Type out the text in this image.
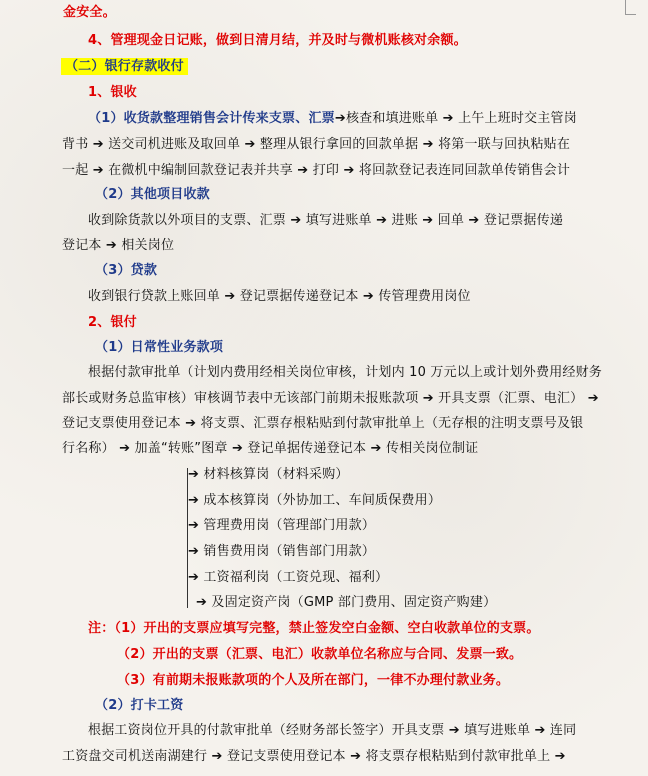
金安全。
4、管理现金日记账，做到日清月结，并及时与微机账核对余额。
（二）银行存款收付
1、银收
（1）收货款整理销售会计传来支票、汇票➔核查和填进账单 ➔ 上午上班时交主管岗
背书 ➔ 送交司机进账及取回单 ➔ 整理从银行拿回的回款单据 ➔ 将第一联与回执粘贴在
一起 ➔ 在微机中编制回款登记表并共享 ➔ 打印 ➔ 将回款登记表连同回款单传销售会计
（2）其他项目收款
收到除货款以外项目的支票、汇票 ➔ 填写进账单 ➔ 进账 ➔ 回单 ➔ 登记票据传递
登记本 ➔ 相关岗位
（3）贷款
收到银行贷款上账回单 ➔ 登记票据传递登记本 ➔ 传管理费用岗位
2、银付
（1）日常性业务款项
根据付款审批单（计划内费用经相关岗位审核，计划内 10 万元以上或计划外费用经财务
部长或财务总监审核）审核调节表中无该部门前期未报账款项 ➔ 开具支票（汇票、电汇） ➔
登记支票使用登记本 ➔ 将支票、汇票存根粘贴到付款审批单上（无存根的注明支票号及银
行名称） ➔ 加盖“转账”图章 ➔ 登记单据传递登记本 ➔ 传相关岗位制证
➔ 材料核算岗（材料采购）
➔ 成本核算岗（外协加工、车间质保费用）
➔ 管理费用岗（管理部门用款）
➔ 销售费用岗（销售部门用款）
➔ 工资福利岗（工资兑现、福利）
➔ 及固定资产岗（GMP 部门费用、固定资产购建）
注：（1）开出的支票应填写完整，禁止签发空白金额、空白收款单位的支票。
（2）开出的支票（汇票、电汇）收款单位名称应与合同、发票一致。
（3）有前期未报账款项的个人及所在部门，一律不办理付款业务。
（2）打卡工资
根据工资岗位开具的付款审批单（经财务部长签字）开具支票 ➔ 填写进账单 ➔ 连同
工资盘交司机送南湖建行 ➔ 登记支票使用登记本 ➔ 将支票存根粘贴到付款审批单上 ➔
